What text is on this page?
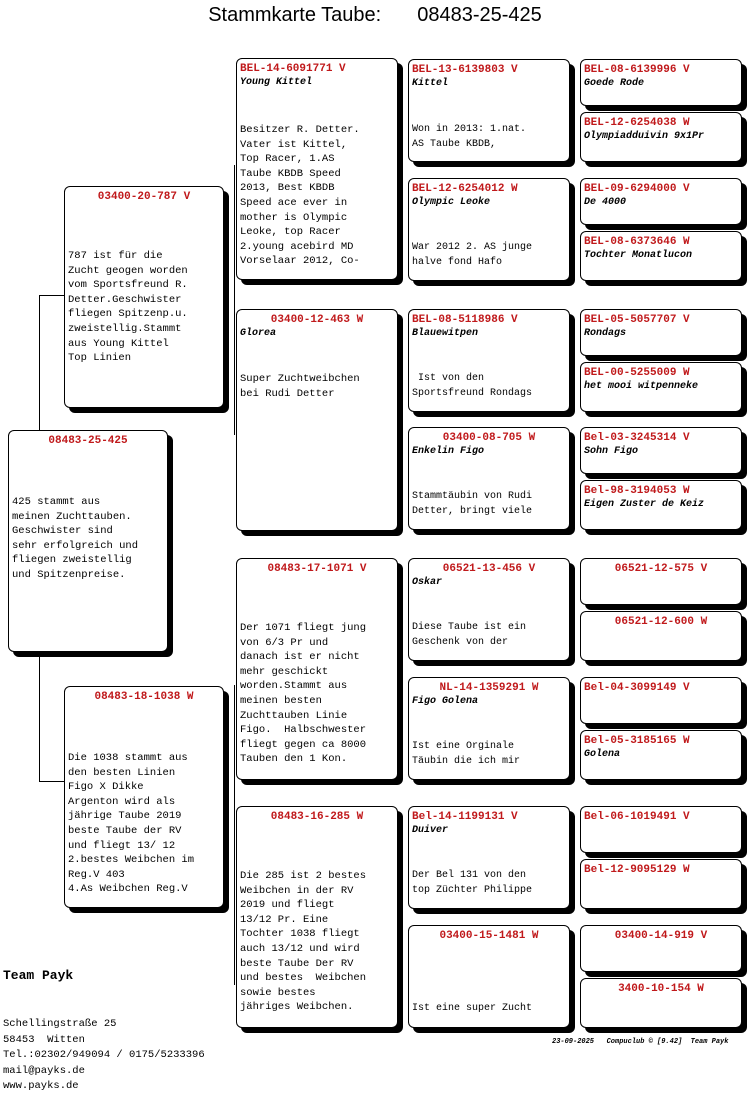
Stammkarte Taube: 08483-25-425
08483-25-425
425 stammt aus
meinen Zuchttauben.
Geschwister sind
sehr erfolgreich und
fliegen zweistellig
und Spitzenpreise.
03400-20-787 V
787 ist für die
Zucht geogen worden
vom Sportsfreund R.
Detter.Geschwister
fliegen Spitzenp.u.
zweistellig.Stammt
aus Young Kittel
Top Linien
08483-18-1038 W
Die 1038 stammt aus
den besten Linien
Figo X Dikke
Argenton wird als
jährige Taube 2019
beste Taube der RV
und fliegt 13/ 12
2.bestes Weibchen im
Reg.V 403
4.As Weibchen Reg.V
BEL-14-6091771 V
Young Kittel
Besitzer R. Detter.
Vater ist Kittel,
Top Racer, 1.AS
Taube KBDB Speed
2013, Best KBDB
Speed ace ever in
mother is Olympic
Leoke, top Racer
2.young acebird MD
Vorselaar 2012, Co-
03400-12-463 W
Glorea
Super Zuchtweibchen
bei Rudi Detter
08483-17-1071 V
Der 1071 fliegt jung
von 6/3 Pr und
danach ist er nicht
mehr geschickt
worden.Stammt aus
meinen besten
Zuchttauben Linie
Figo.  Halbschwester
fliegt gegen ca 8000
Tauben den 1 Kon.
08483-16-285 W
Die 285 ist 2 bestes
Weibchen in der RV
2019 und fliegt
13/12 Pr. Eine
Tochter 1038 fliegt
auch 13/12 und wird
beste Taube Der RV
und bestes  Weibchen
sowie bestes
jähriges Weibchen.
BEL-13-6139803 V
Kittel
Won in 2013: 1.nat.
AS Taube KBDB,
BEL-12-6254012 W
Olympic Leoke
War 2012 2. AS junge
halve fond Hafo
BEL-08-5118986 V
Blauewitpen
Ist von den
Sportsfreund Rondags
03400-08-705 W
Enkelin Figo
Stammtäubin von Rudi
Detter, bringt viele
06521-13-456 V
Oskar
Diese Taube ist ein
Geschenk von der
NL-14-1359291 W
Figo Golena
Ist eine Orginale
Täubin die ich mir
Bel-14-1199131 V
Duiver
Der Bel 131 von den
top Züchter Philippe
03400-15-1481 W
Ist eine super Zucht
BEL-08-6139996 V
Goede Rode
BEL-12-6254038 W
Olympiadduivin 9x1Pr
BEL-09-6294000 V
De 4000
BEL-08-6373646 W
Tochter Monatlucon
BEL-05-5057707 V
Rondags
BEL-00-5255009 W
het mooi witpenneke
Bel-03-3245314 V
Sohn Figo
Bel-98-3194053 W
Eigen Zuster de Keiz
06521-12-575 V
06521-12-600 W
Bel-04-3099149 V
Bel-05-3185165 W
Golena
Bel-06-1019491 V
Bel-12-9095129 W
03400-14-919 V
3400-10-154 W

Team Payk

Schellingstraße 25
58453  Witten
Tel.:02302/949094 / 0175/5233396
mail@payks.de
www.payks.de

23-09-2025   Compuclub © [9.42]  Team Payk
